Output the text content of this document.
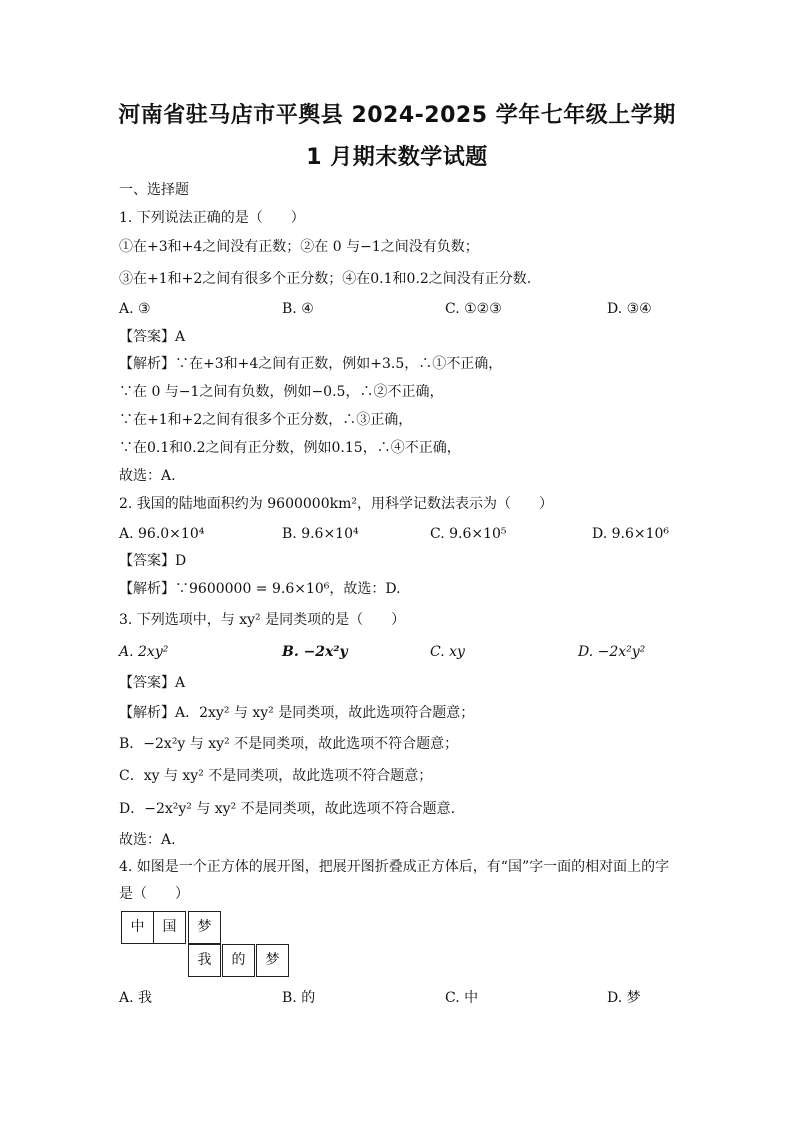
河南省驻马店市平舆县 2024-2025 学年七年级上学期
1 月期末数学试题
一、选择题
1. 下列说法正确的是（　　）
①在+3和+4之间没有正数；②在 0 与−1之间没有负数；
③在+1和+2之间有很多个正分数；④在0.1和0.2之间没有正分数.
A. ③	B. ④	C. ①②③	D. ③④
【答案】A
【解析】∵在+3和+4之间有正数，例如+3.5，∴①不正确，
∵在 0 与−1之间有负数，例如−0.5，∴②不正确，
∵在+1和+2之间有很多个正分数，∴③正确，
∵在0.1和0.2之间有正分数，例如0.15，∴④不正确，
故选：A.
2. 我国的陆地面积约为 9600000km²，用科学记数法表示为（　　）
A. 96.0×10⁴	B. 9.6×10⁴	C. 9.6×10⁵	D. 9.6×10⁶
【答案】D
【解析】∵9600000 = 9.6×10⁶，故选：D.
3. 下列选项中，与 xy² 是同类项的是（　　）
A. 2xy²	B. −2x²y	C. xy	D. −2x²y²
【答案】A
【解析】A．2xy² 与 xy² 是同类项，故此选项符合题意；
B．−2x²y 与 xy² 不是同类项，故此选项不符合题意；
C．xy 与 xy² 不是同类项，故此选项不符合题意；
D．−2x²y² 与 xy² 不是同类项，故此选项不符合题意.
故选：A.
4. 如图是一个正方体的展开图，把展开图折叠成正方体后，有“国”字一面的相对面上的字
是（　　）
中	国	梦
我	的	梦
A. 我	B. 的	C. 中	D. 梦
